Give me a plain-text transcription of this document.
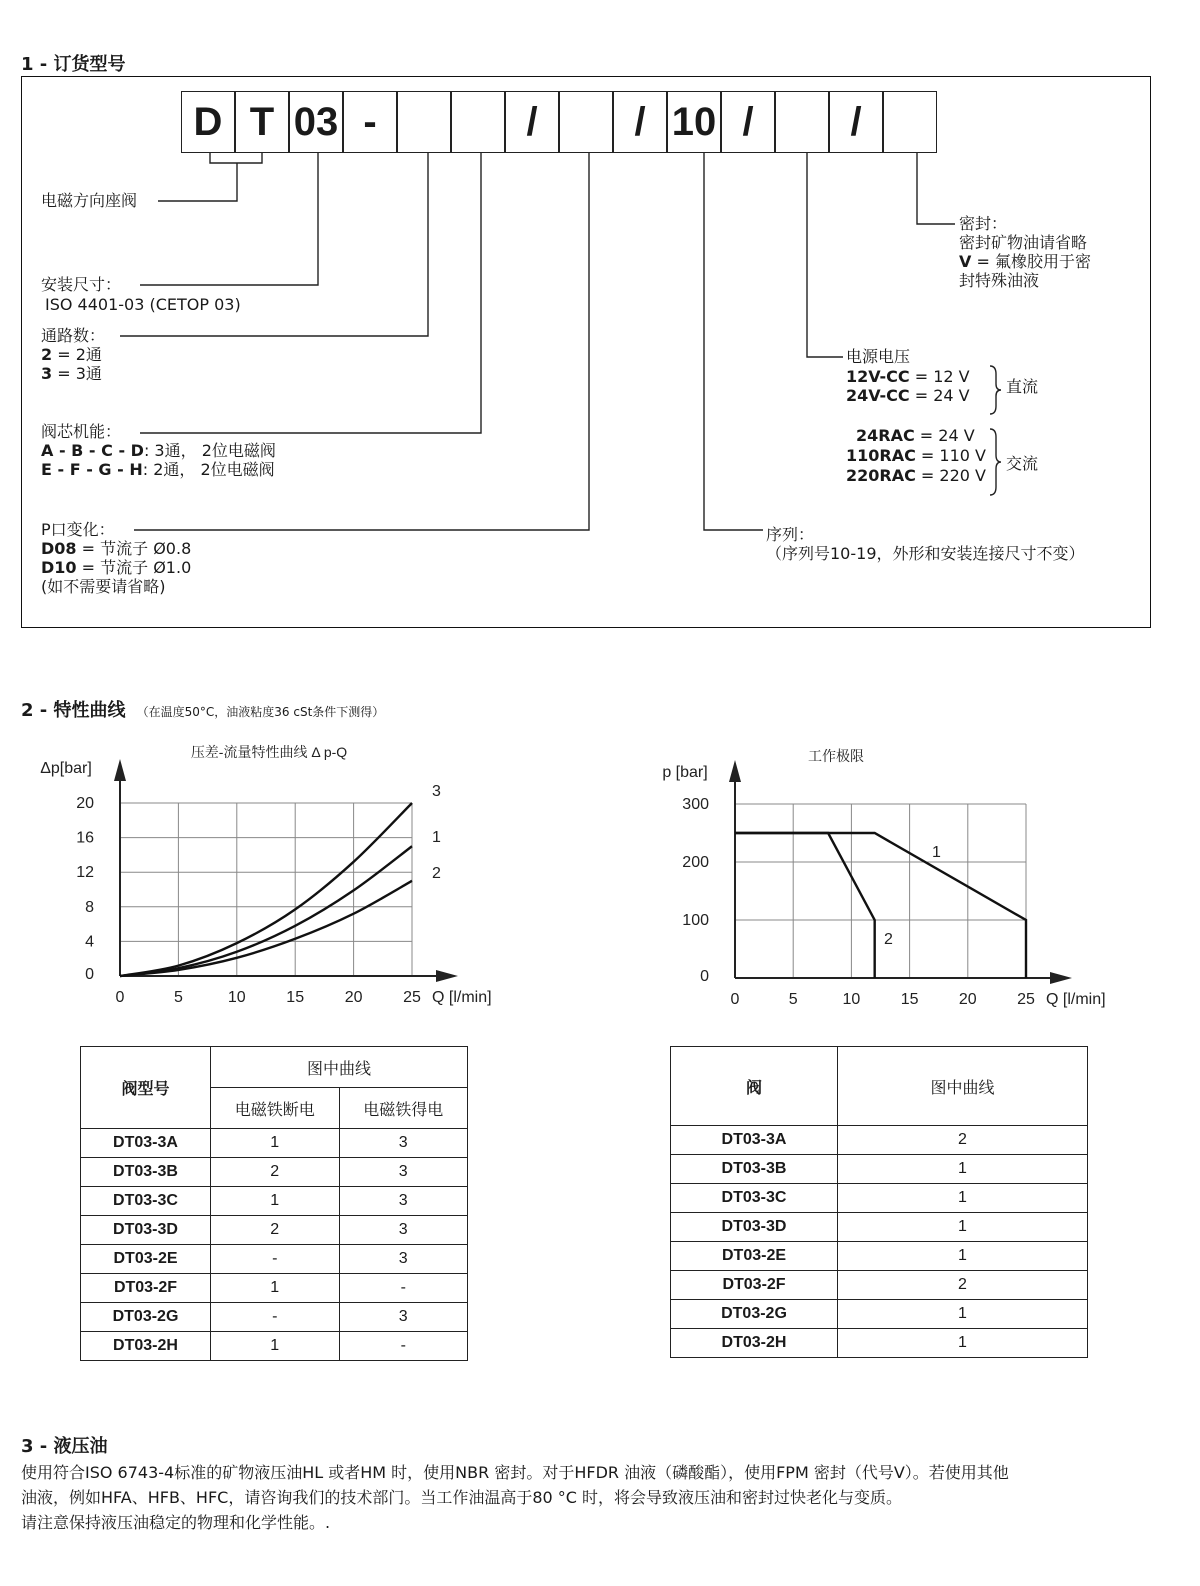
1 - 订货型号
D T 03 -	/	/ 10 /	/
电磁方向座阀
安装尺寸：
ISO 4401-03 (CETOP 03)
通路数：
2 = 2通
3 = 3通
阀芯机能：
A - B - C - D: 3通， 2位电磁阀
E - F - G - H: 2通， 2位电磁阀
P口变化：
D08 = 节流子 Ø0.8
D10 = 节流子 Ø1.0
(如不需要请省略)
密封：
密封矿物油请省略
V = 氟橡胶用于密
封特殊油液
电源电压
12V-CC = 12 V
24V-CC = 24 V 直流
24RAC = 24 V
110RAC = 110 V
220RAC = 220 V
交流
序列：
（序列号10-19，外形和安装连接尺寸不变）
2 - 特性曲线 （在温度50°C，油液粘度36 cSt条件下测得）
0	5	10	15	20	25
0
4
8
12
16
20
Q [l/min]
Δp[bar]
压差-流量特性曲线 Δ p-Q
3
1
2
0	5	10	15	20	25
0
100
200
300
Q [l/min]
p [bar]
工作极限
1
2
阀型号	图中曲线	
	电磁铁断电	电磁铁得电
DT03-3A	1	3
DT03-3B	2	3
DT03-3C	1	3
DT03-3D	2	3
DT03-2E	-	3
DT03-2F	1	-
DT03-2G	-	3
DT03-2H	1	-
阀	图中曲线
DT03-3A	2
DT03-3B	1
DT03-3C	1
DT03-3D	1
DT03-2E	1
DT03-2F	2
DT03-2G	1
DT03-2H	1
3 - 液压油
使用符合ISO 6743-4标准的矿物液压油HL 或者HM 时，使用NBR 密封。对于HFDR 油液（磷酸酯），使用FPM 密封（代号V）。若使用其他
油液，例如HFA、HFB、HFC，请咨询我们的技术部门。当工作油温高于80 °C 时，将会导致液压油和密封过快老化与变质。
请注意保持液压油稳定的物理和化学性能。.
